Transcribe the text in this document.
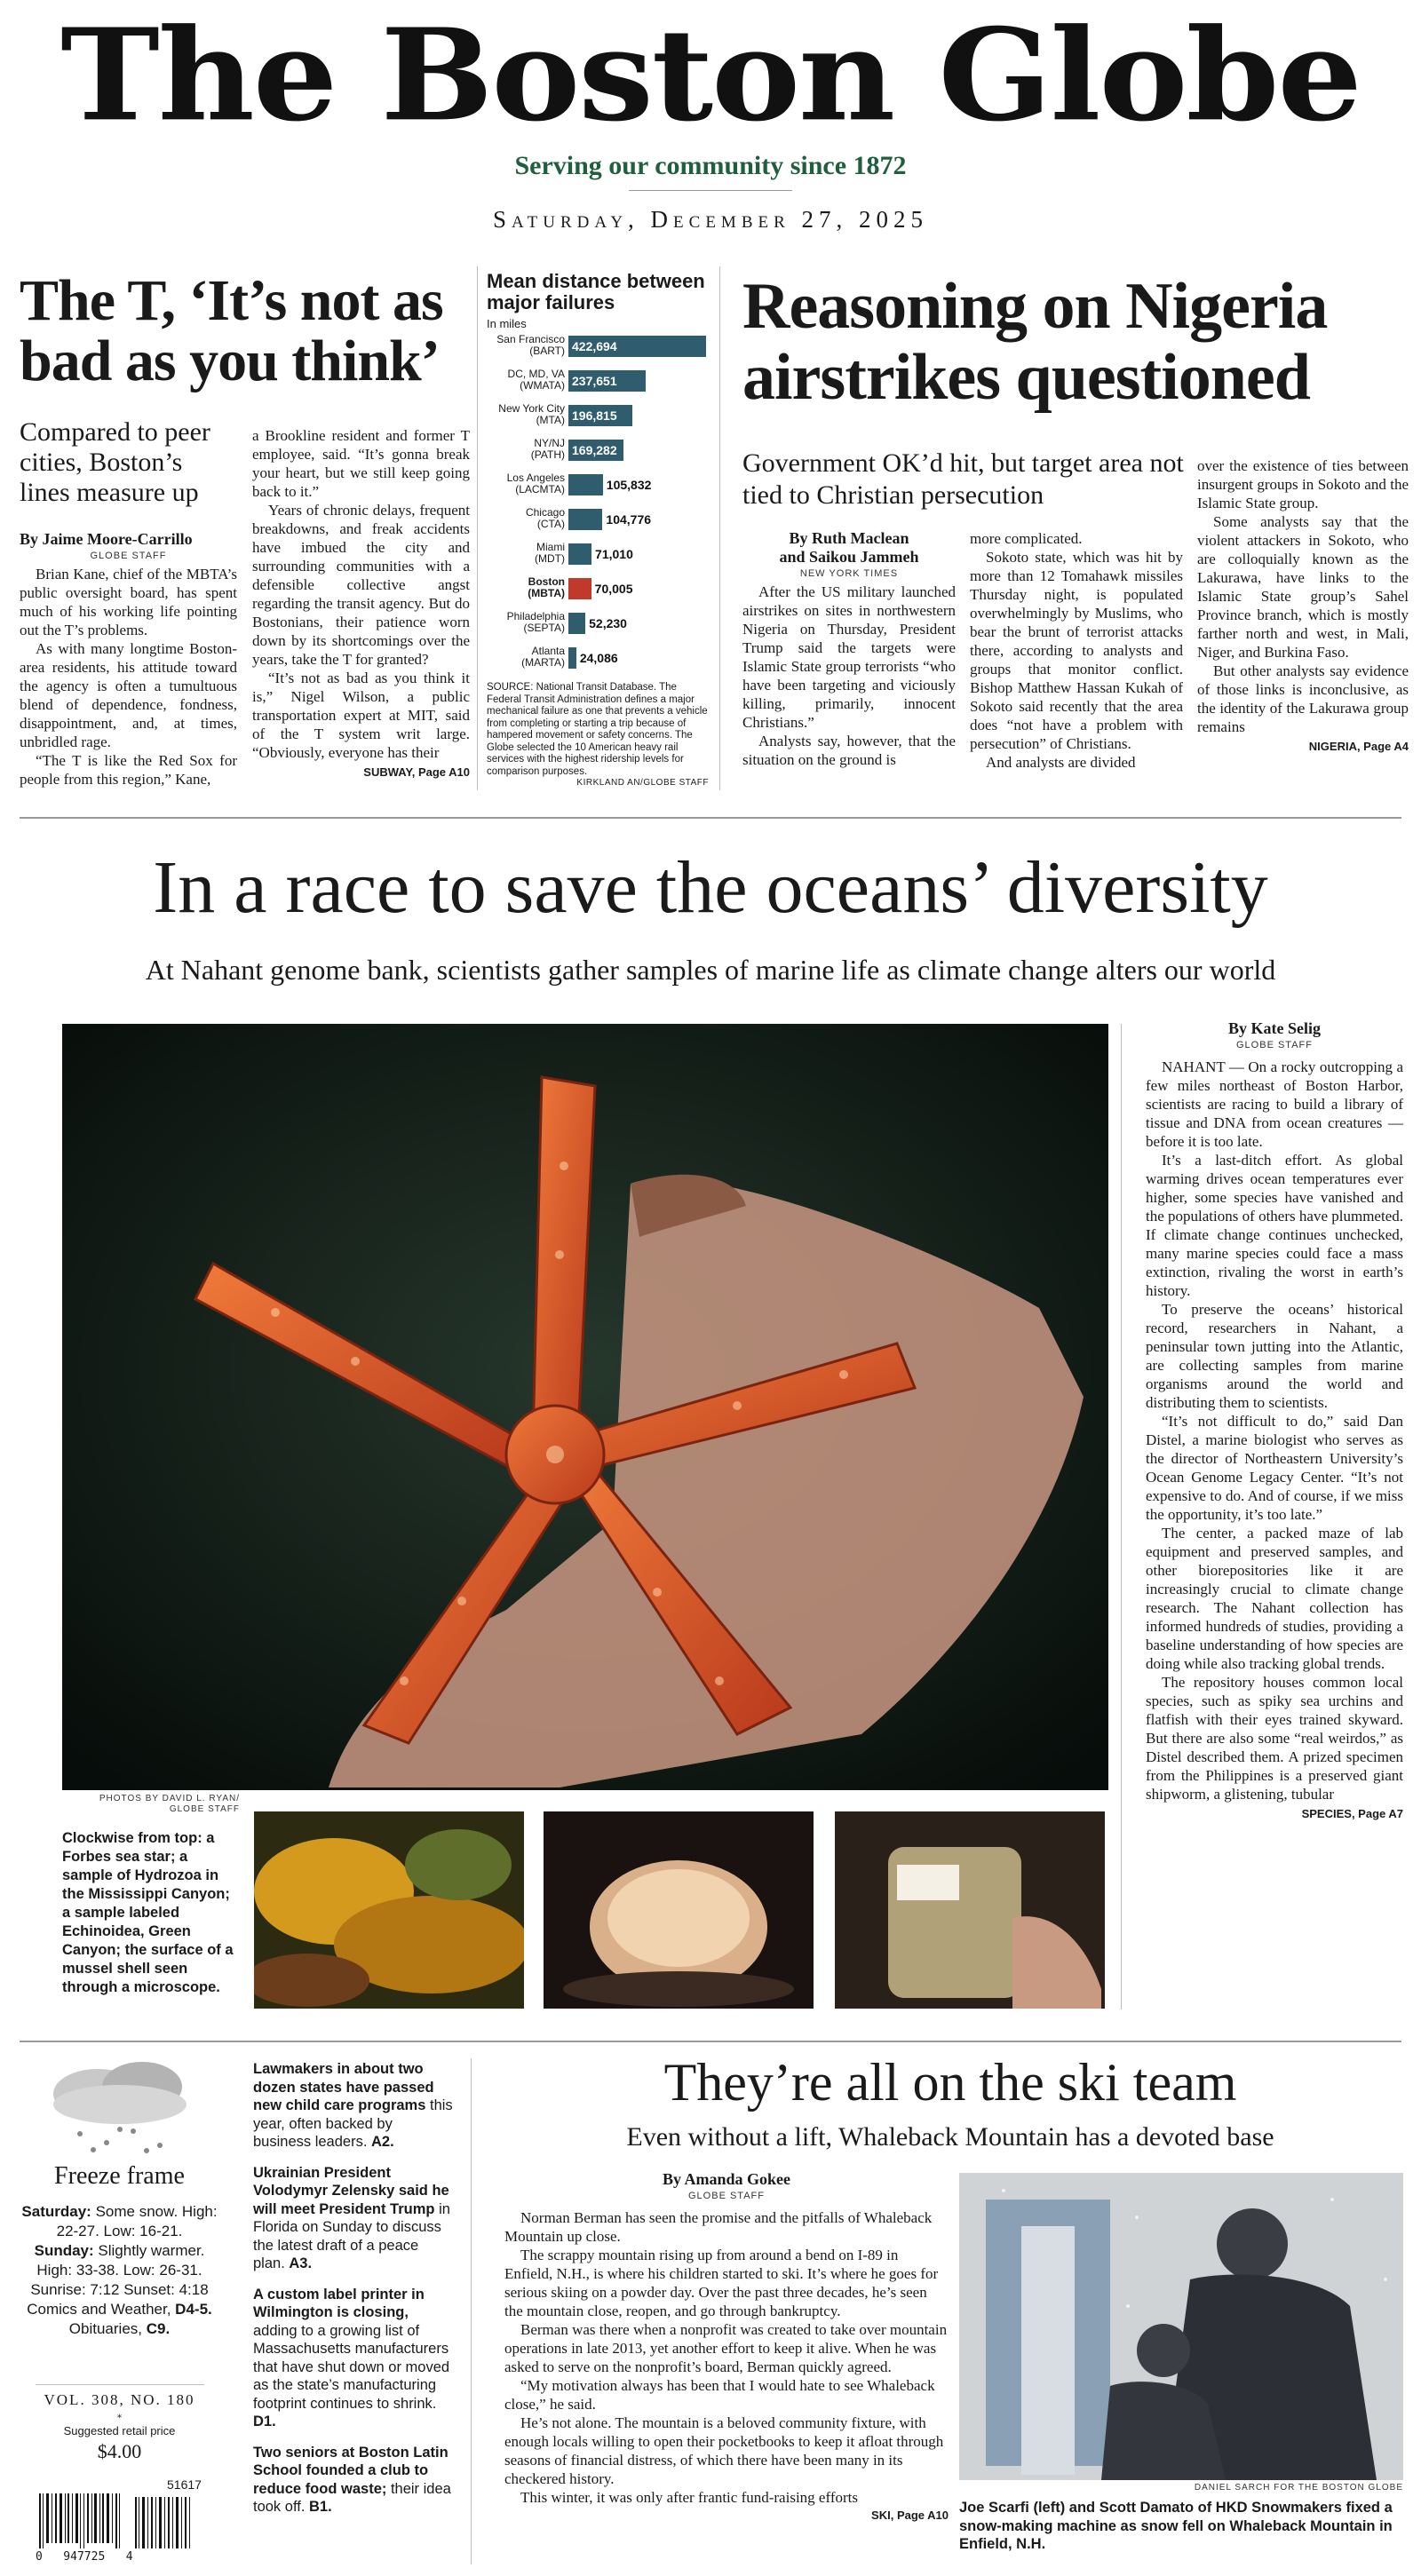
The Boston Globe
Serving our community since 1872
Saturday, December 27, 2025
The T, ‘It’s not as bad as you think’
Compared to peer cities, Boston’s lines measure up
By Jaime Moore-Carrillo
GLOBE STAFF

Brian Kane, chief of the MBTA’s public oversight board, has spent much of his working life pointing out the T’s problems.

As with many longtime Boston-area residents, his attitude toward the agency is often a tumultuous blend of dependence, fondness, disappointment, and, at times, unbridled rage.

“The T is like the Red Sox for people from this region,” Kane,

a Brookline resident and former T employee, said. “It’s gonna break your heart, but we still keep going back to it.”

Years of chronic delays, frequent breakdowns, and freak accidents have imbued the city and surrounding communities with a defensible collective angst regarding the transit agency. But do Bostonians, their patience worn down by its shortcomings over the years, take the T for granted?

“It’s not as bad as you think it is,” Nigel Wilson, a public transportation expert at MIT, said of the T system writ large. “Obviously, everyone has their

SUBWAY, Page A10
Mean distance between major failures
In miles
San Francisco
(BART) 422,694
DC, MD, VA
(WMATA) 237,651
New York City
(MTA) 196,815
NY/NJ
(PATH) 169,282
Los Angeles
(LACMTA)	105,832
Chicago
(CTA)	104,776
Miami
(MDT) 71,010
Boston
(MBTA) 70,005
Philadelphia
(SEPTA) 52,230
Atlanta
(MARTA) 24,086
SOURCE: National Transit Database. The Federal Transit Administration defines a major mechanical failure as one that prevents a vehicle from completing or starting a trip because of hampered movement or safety concerns. The Globe selected the 10 American heavy rail services with the highest ridership levels for comparison purposes.
KIRKLAND AN/GLOBE STAFF
Reasoning on Nigeria airstrikes questioned
Government OK’d hit, but target area not tied to Christian persecution
By Ruth Maclean
and Saikou Jammeh
NEW YORK TIMES

After the US military launched airstrikes on sites in northwestern Nigeria on Thursday, President Trump said the targets were Islamic State group terrorists “who have been targeting and viciously killing, primarily, innocent Christians.”

Analysts say, however, that the situation on the ground is

more complicated.

Sokoto state, which was hit by more than 12 Tomahawk missiles Thursday night, is populated overwhelmingly by Muslims, who bear the brunt of terrorist attacks there, according to analysts and groups that monitor conflict. Bishop Matthew Hassan Kukah of Sokoto said recently that the area does “not have a problem with persecution” of Christians.

And analysts are divided

over the existence of ties between insurgent groups in Sokoto and the Islamic State group.

Some analysts say that the violent attackers in Sokoto, who are colloquially known as the Lakurawa, have links to the Islamic State group’s Sahel Province branch, which is mostly farther north and west, in Mali, Niger, and Burkina Faso.

But other analysts say evidence of those links is inconclusive, as the identity of the Lakurawa group remains

NIGERIA, Page A4
In a race to save the oceans’ diversity
At Nahant genome bank, scientists gather samples of marine life as climate change alters our world
PHOTOS BY DAVID L. RYAN/
GLOBE STAFF
Clockwise from top: a Forbes sea star; a sample of Hydrozoa in the Mississippi Canyon; a sample labeled Echinoidea, Green Canyon; the surface of a mussel shell seen through a microscope.
By Kate Selig
GLOBE STAFF

NAHANT — On a rocky outcropping a few miles northeast of Boston Harbor, scientists are racing to build a library of tissue and DNA from ocean creatures — before it is too late.

It’s a last-ditch effort. As global warming drives ocean temperatures ever higher, some species have vanished and the populations of others have plummeted. If climate change continues unchecked, many marine species could face a mass extinction, rivaling the worst in earth’s history.

To preserve the oceans’ historical record, researchers in Nahant, a peninsular town jutting into the Atlantic, are collecting samples from marine organisms around the world and distributing them to scientists.

“It’s not difficult to do,” said Dan Distel, a marine biologist who serves as the director of Northeastern University’s Ocean Genome Legacy Center. “It’s not expensive to do. And of course, if we miss the opportunity, it’s too late.”

The center, a packed maze of lab equipment and preserved samples, and other biorepositories like it are increasingly crucial to climate change research. The Nahant collection has informed hundreds of studies, providing a baseline understanding of how species are doing while also tracking global trends.

The repository houses common local species, such as spiky sea urchins and flatfish with their eyes trained skyward. But there are also some “real weirdos,” as Distel described them. A prized specimen from the Philippines is a preserved giant shipworm, a glistening, tubular

SPECIES, Page A7
Freeze frame
Saturday: Some snow. High: 22-27. Low: 16-21.
Sunday: Slightly warmer. High: 33-38. Low: 26-31.
Sunrise: 7:12 Sunset: 4:18
Comics and Weather, D4-5.
Obituaries, C9.
VOL. 308, NO. 180
*
Suggested retail price
$4.00
51617
0   947725   4
Lawmakers in about two dozen states have passed new child care programs this year, often backed by business leaders. A2.
Ukrainian President Volodymyr Zelensky said he will meet President Trump in Florida on Sunday to discuss the latest draft of a peace plan. A3.
A custom label printer in Wilmington is closing, adding to a growing list of Massachusetts manufacturers that have shut down or moved as the state’s manufacturing footprint continues to shrink. D1.
Two seniors at Boston Latin School founded a club to reduce food waste; their idea took off. B1.
They’re all on the ski team
Even without a lift, Whaleback Mountain has a devoted base
By Amanda Gokee
GLOBE STAFF

Norman Berman has seen the promise and the pitfalls of Whaleback Mountain up close.

The scrappy mountain rising up from around a bend on I-89 in Enfield, N.H., is where his children started to ski. It’s where he goes for serious skiing on a powder day. Over the past three decades, he’s seen the mountain close, reopen, and go through bankruptcy.

Berman was there when a nonprofit was created to take over mountain operations in late 2013, yet another effort to keep it alive. When he was asked to serve on the nonprofit’s board, Berman quickly agreed.

“My motivation always has been that I would hate to see Whaleback close,” he said.

He’s not alone. The mountain is a beloved community fixture, with enough locals willing to open their pocketbooks to keep it afloat through seasons of financial distress, of which there have been many in its checkered history.

This winter, it was only after frantic fund-raising efforts

SKI, Page A10
DANIEL SARCH FOR THE BOSTON GLOBE
Joe Scarfi (left) and Scott Damato of HKD Snowmakers fixed a snow-making machine as snow fell on Whaleback Mountain in Enfield, N.H.
